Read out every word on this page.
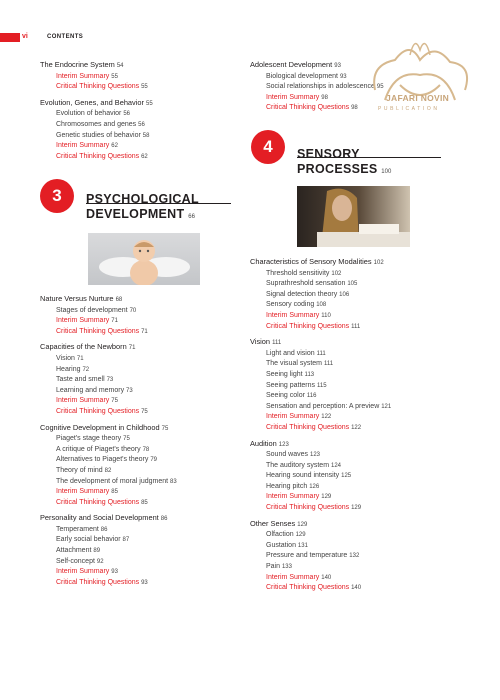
vi	CONTENTS
The Endocrine System 54
Interim Summary 55
Critical Thinking Questions 55
Evolution, Genes, and Behavior 55
Evolution of behavior 56
Chromosomes and genes 56
Genetic studies of behavior 58
Interim Summary 62
Critical Thinking Questions 62
3	PSYCHOLOGICAL
DEVELOPMENT 66
Nature Versus Nurture 68
Stages of development 70
Interim Summary 71
Critical Thinking Questions 71
Capacities of the Newborn 71
Vision 71
Hearing 72
Taste and smell 73
Learning and memory 73
Interim Summary 75
Critical Thinking Questions 75
Cognitive Development in Childhood 75
Piaget's stage theory 75
A critique of Piaget's theory 78
Alternatives to Piaget's theory 79
Theory of mind 82
The development of moral judgment 83
Interim Summary 85
Critical Thinking Questions 85
Personality and Social Development 86
Temperament 86
Early social behavior 87
Attachment 89
Self-concept 92
Interim Summary 93
Critical Thinking Questions 93
Adolescent Development 93
Biological development 93
Social relationships in adolescence 95
Interim Summary 98
Critical Thinking Questions 98
JAFARI NOVIN
PUBLICATION
4	SENSORY
PROCESSES 100
Characteristics of Sensory Modalities 102
Threshold sensitivity 102
Suprathreshold sensation 105
Signal detection theory 106
Sensory coding 108
Interim Summary 110
Critical Thinking Questions 111
Vision 111
Light and vision 111
The visual system 111
Seeing light 113
Seeing patterns 115
Seeing color 116
Sensation and perception: A preview 121
Interim Summary 122
Critical Thinking Questions 122
Audition 123
Sound waves 123
The auditory system 124
Hearing sound intensity 125
Hearing pitch 126
Interim Summary 129
Critical Thinking Questions 129
Other Senses 129
Olfaction 129
Gustation 131
Pressure and temperature 132
Pain 133
Interim Summary 140
Critical Thinking Questions 140
